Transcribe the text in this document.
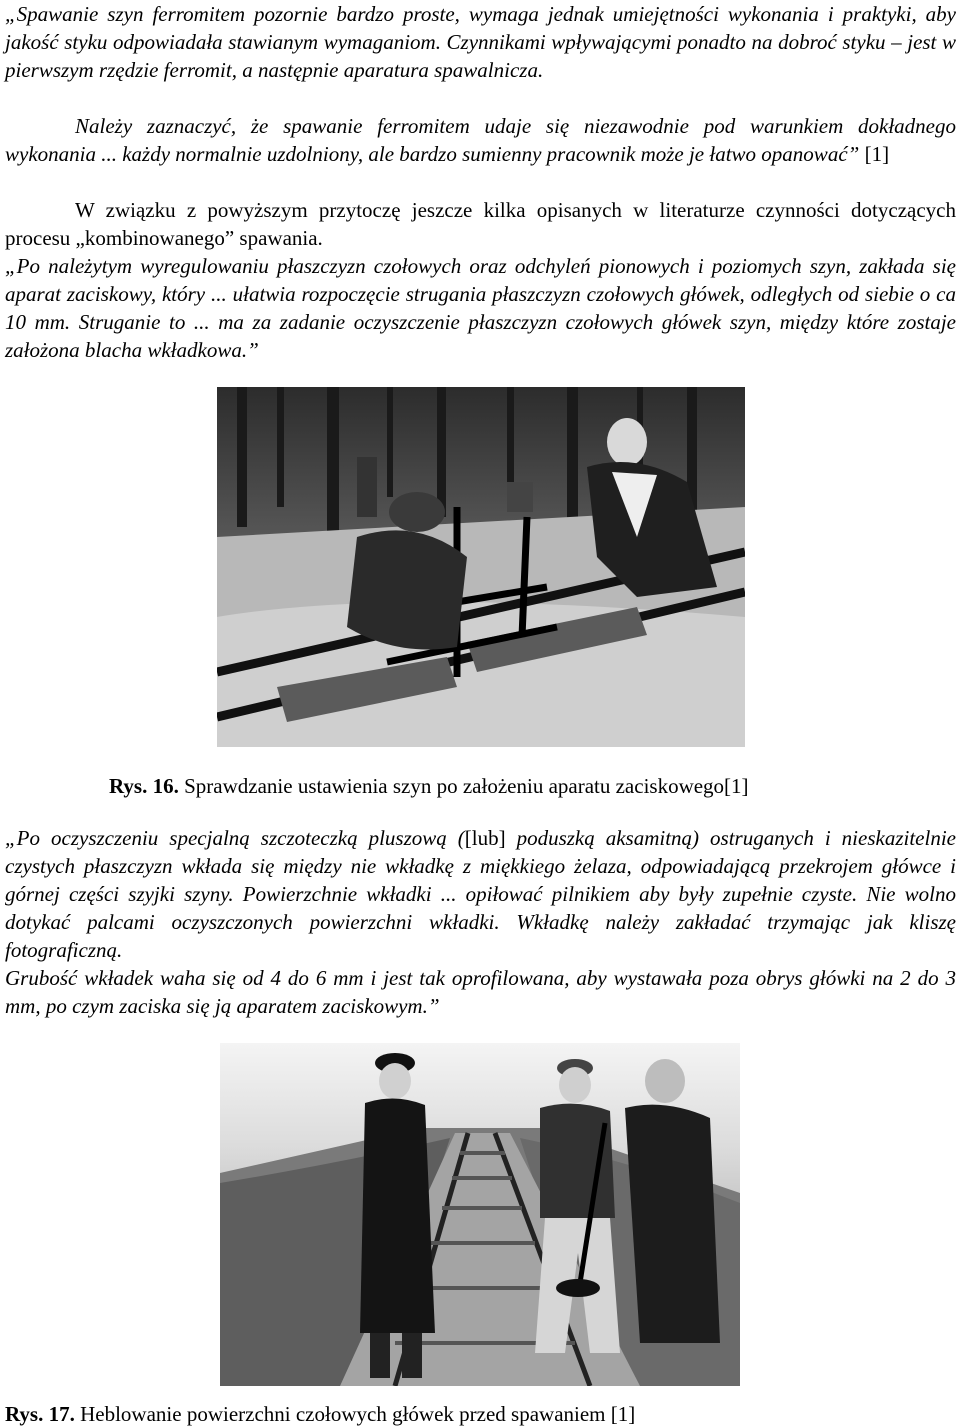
„Spawanie szyn ferromitem pozornie bardzo proste, wymaga jednak umiejętności wykonania i praktyki, aby jakość styku odpowiadała stawianym wymaganiom. Czynnikami wpływającymi ponadto na dobroć styku – jest w pierwszym rzędzie ferromit, a następnie aparatura spawalnicza.

Należy zaznaczyć, że spawanie ferromitem udaje się niezawodnie pod warunkiem dokładnego wykonania ... każdy normalnie uzdolniony, ale bardzo sumienny pracownik może je łatwo opanować” [1]

W związku z powyższym przytoczę jeszcze kilka opisanych w literaturze czynności dotyczących procesu „kombinowanego” spawania.

„Po należytym wyregulowaniu płaszczyzn czołowych oraz odchyleń pionowych i poziomych szyn, zakłada się aparat zaciskowy, który ... ułatwia rozpoczęcie strugania płaszczyzn czołowych główek, odległych od siebie o ca 10 mm. Struganie to ... ma za zadanie oczyszczenie płaszczyzn czołowych główek szyn, między które zostaje założona blacha wkładkowa.”

Rys. 16. Sprawdzanie ustawienia szyn po założeniu aparatu zaciskowego[1]

„Po oczyszczeniu specjalną szczoteczką pluszową ([lub] poduszką aksamitną) ostruganych i nieskazitelnie czystych płaszczyzn wkłada się między nie wkładkę z miękkiego żelaza, odpowiadającą przekrojem główce i górnej części szyjki szyny. Powierzchnie wkładki ... opiłować pilnikiem aby były zupełnie czyste. Nie wolno dotykać palcami oczyszczonych powierzchni wkładki. Wkładkę należy zakładać trzymając jak kliszę fotograficzną.

Grubość wkładek waha się od 4 do 6 mm i jest tak oprofilowana, aby wystawała poza obrys główki na 2 do 3 mm, po czym zaciska się ją aparatem zaciskowym.”

Rys. 17. Heblowanie powierzchni czołowych główek przed spawaniem [1]
